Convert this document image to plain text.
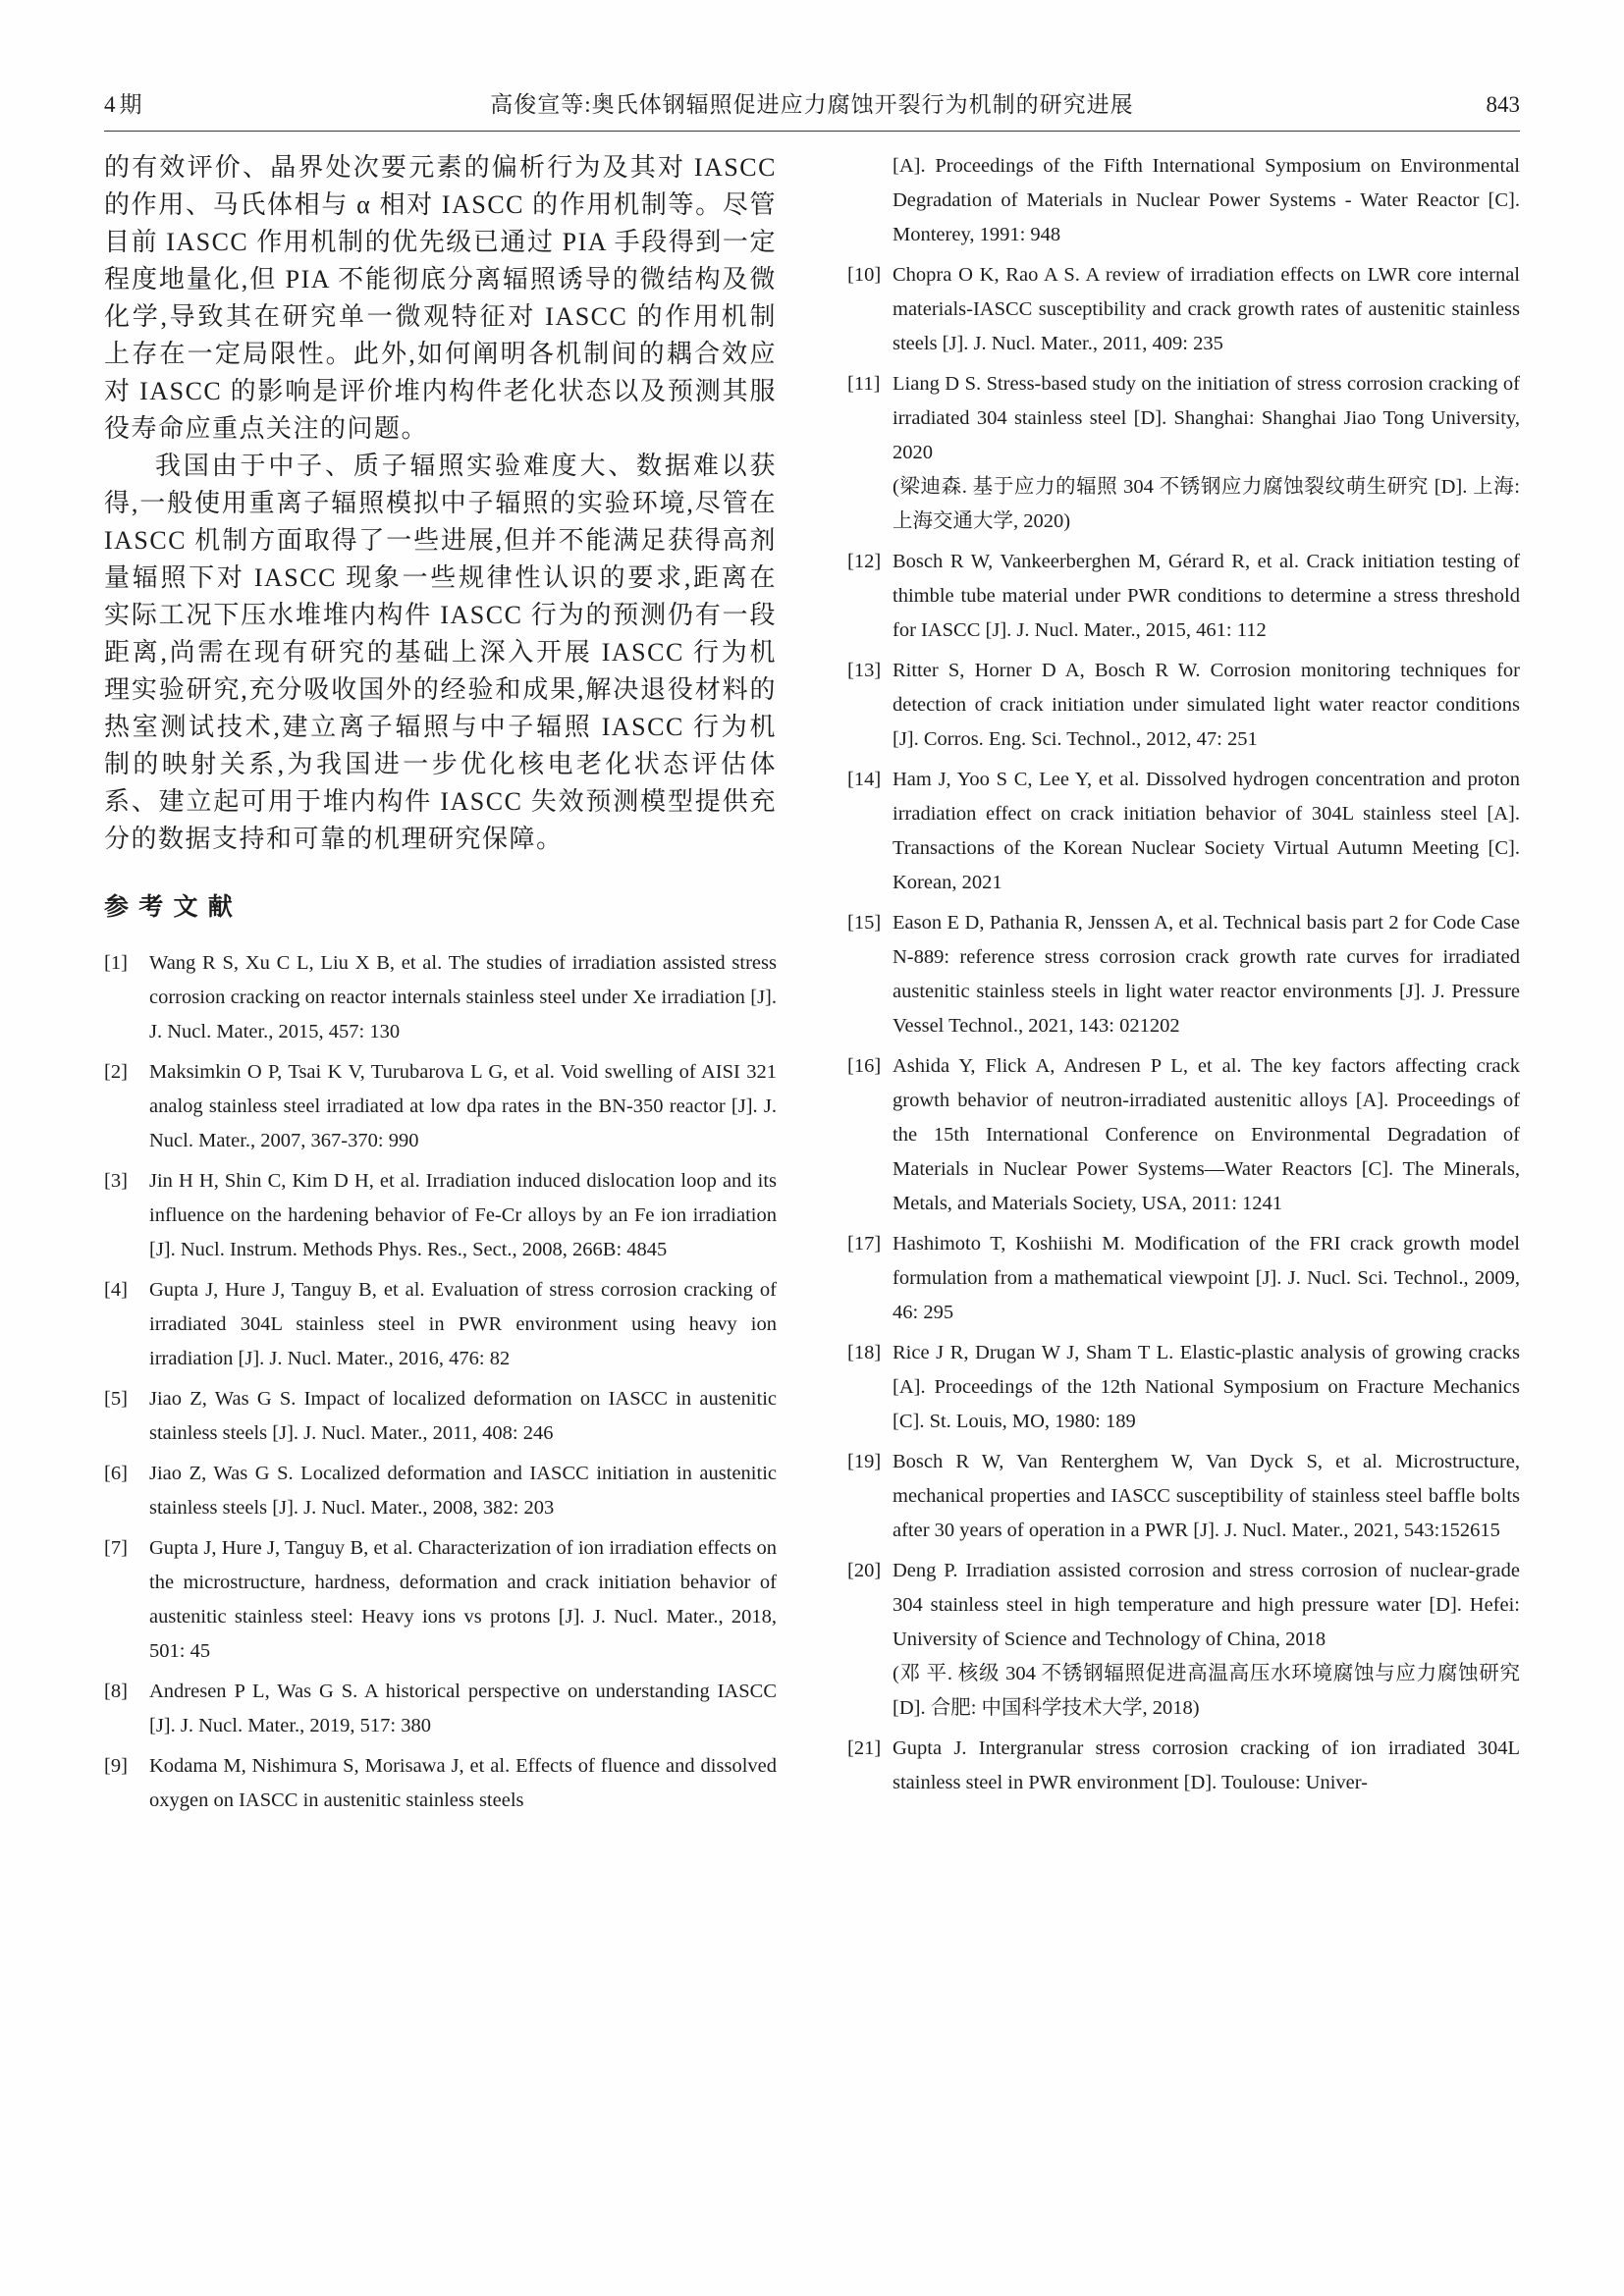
4期	高俊宣等:奥氏体钢辐照促进应力腐蚀开裂行为机制的研究进展	843

的有效评价、晶界处次要元素的偏析行为及其对 IASCC 的作用、马氏体相与 α 相对 IASCC 的作用机制等。尽管目前 IASCC 作用机制的优先级已通过 PIA 手段得到一定程度地量化,但 PIA 不能彻底分离辐照诱导的微结构及微化学,导致其在研究单一微观特征对 IASCC 的作用机制上存在一定局限性。此外,如何阐明各机制间的耦合效应对 IASCC 的影响是评价堆内构件老化状态以及预测其服役寿命应重点关注的问题。

我国由于中子、质子辐照实验难度大、数据难以获得,一般使用重离子辐照模拟中子辐照的实验环境,尽管在 IASCC 机制方面取得了一些进展,但并不能满足获得高剂量辐照下对 IASCC 现象一些规律性认识的要求,距离在实际工况下压水堆堆内构件 IASCC 行为的预测仍有一段距离,尚需在现有研究的基础上深入开展 IASCC 行为机理实验研究,充分吸收国外的经验和成果,解决退役材料的热室测试技术,建立离子辐照与中子辐照 IASCC 行为机制的映射关系,为我国进一步优化核电老化状态评估体系、建立起可用于堆内构件 IASCC 失效预测模型提供充分的数据支持和可靠的机理研究保障。

参 考 文 献
[1] Wang R S, Xu C L, Liu X B, et al. The studies of irradiation assisted stress corrosion cracking on reactor internals stainless steel under Xe irradiation [J]. J. Nucl. Mater., 2015, 457: 130
[2] Maksimkin O P, Tsai K V, Turubarova L G, et al. Void swelling of AISI 321 analog stainless steel irradiated at low dpa rates in the BN-350 reactor [J]. J. Nucl. Mater., 2007, 367-370: 990
[3] Jin H H, Shin C, Kim D H, et al. Irradiation induced dislocation loop and its influence on the hardening behavior of Fe-Cr alloys by an Fe ion irradiation [J]. Nucl. Instrum. Methods Phys. Res., Sect., 2008, 266B: 4845
[4] Gupta J, Hure J, Tanguy B, et al. Evaluation of stress corrosion cracking of irradiated 304L stainless steel in PWR environment using heavy ion irradiation [J]. J. Nucl. Mater., 2016, 476: 82
[5] Jiao Z, Was G S. Impact of localized deformation on IASCC in austenitic stainless steels [J]. J. Nucl. Mater., 2011, 408: 246
[6] Jiao Z, Was G S. Localized deformation and IASCC initiation in austenitic stainless steels [J]. J. Nucl. Mater., 2008, 382: 203
[7] Gupta J, Hure J, Tanguy B, et al. Characterization of ion irradiation effects on the microstructure, hardness, deformation and crack initiation behavior of austenitic stainless steel: Heavy ions vs protons [J]. J. Nucl. Mater., 2018, 501: 45
[8] Andresen P L, Was G S. A historical perspective on understanding IASCC [J]. J. Nucl. Mater., 2019, 517: 380
[9] Kodama M, Nishimura S, Morisawa J, et al. Effects of fluence and dissolved oxygen on IASCC in austenitic stainless steels
[A]. Proceedings of the Fifth International Symposium on Environmental Degradation of Materials in Nuclear Power Systems - Water Reactor [C]. Monterey, 1991: 948
[10] Chopra O K, Rao A S. A review of irradiation effects on LWR core internal materials-IASCC susceptibility and crack growth rates of austenitic stainless steels [J]. J. Nucl. Mater., 2011, 409: 235
[11] Liang D S. Stress-based study on the initiation of stress corrosion cracking of irradiated 304 stainless steel [D]. Shanghai: Shanghai Jiao Tong University, 2020
(梁迪森. 基于应力的辐照 304 不锈钢应力腐蚀裂纹萌生研究 [D]. 上海: 上海交通大学, 2020)
[12] Bosch R W, Vankeerberghen M, Gérard R, et al. Crack initiation testing of thimble tube material under PWR conditions to determine a stress threshold for IASCC [J]. J. Nucl. Mater., 2015, 461: 112
[13] Ritter S, Horner D A, Bosch R W. Corrosion monitoring techniques for detection of crack initiation under simulated light water reactor conditions [J]. Corros. Eng. Sci. Technol., 2012, 47: 251
[14] Ham J, Yoo S C, Lee Y, et al. Dissolved hydrogen concentration and proton irradiation effect on crack initiation behavior of 304L stainless steel [A]. Transactions of the Korean Nuclear Society Virtual Autumn Meeting [C]. Korean, 2021
[15] Eason E D, Pathania R, Jenssen A, et al. Technical basis part 2 for Code Case N-889: reference stress corrosion crack growth rate curves for irradiated austenitic stainless steels in light water reactor environments [J]. J. Pressure Vessel Technol., 2021, 143: 021202
[16] Ashida Y, Flick A, Andresen P L, et al. The key factors affecting crack growth behavior of neutron-irradiated austenitic alloys [A]. Proceedings of the 15th International Conference on Environmental Degradation of Materials in Nuclear Power Systems—Water Reactors [C]. The Minerals, Metals, and Materials Society, USA, 2011: 1241
[17] Hashimoto T, Koshiishi M. Modification of the FRI crack growth model formulation from a mathematical viewpoint [J]. J. Nucl. Sci. Technol., 2009, 46: 295
[18] Rice J R, Drugan W J, Sham T L. Elastic-plastic analysis of growing cracks [A]. Proceedings of the 12th National Symposium on Fracture Mechanics [C]. St. Louis, MO, 1980: 189
[19] Bosch R W, Van Renterghem W, Van Dyck S, et al. Microstructure, mechanical properties and IASCC susceptibility of stainless steel baffle bolts after 30 years of operation in a PWR [J]. J. Nucl. Mater., 2021, 543:152615
[20] Deng P. Irradiation assisted corrosion and stress corrosion of nuclear-grade 304 stainless steel in high temperature and high pressure water [D]. Hefei: University of Science and Technology of China, 2018
(邓 平. 核级 304 不锈钢辐照促进高温高压水环境腐蚀与应力腐蚀研究 [D]. 合肥: 中国科学技术大学, 2018)
[21] Gupta J. Intergranular stress corrosion cracking of ion irradiated 304L stainless steel in PWR environment [D]. Toulouse: Univer-
